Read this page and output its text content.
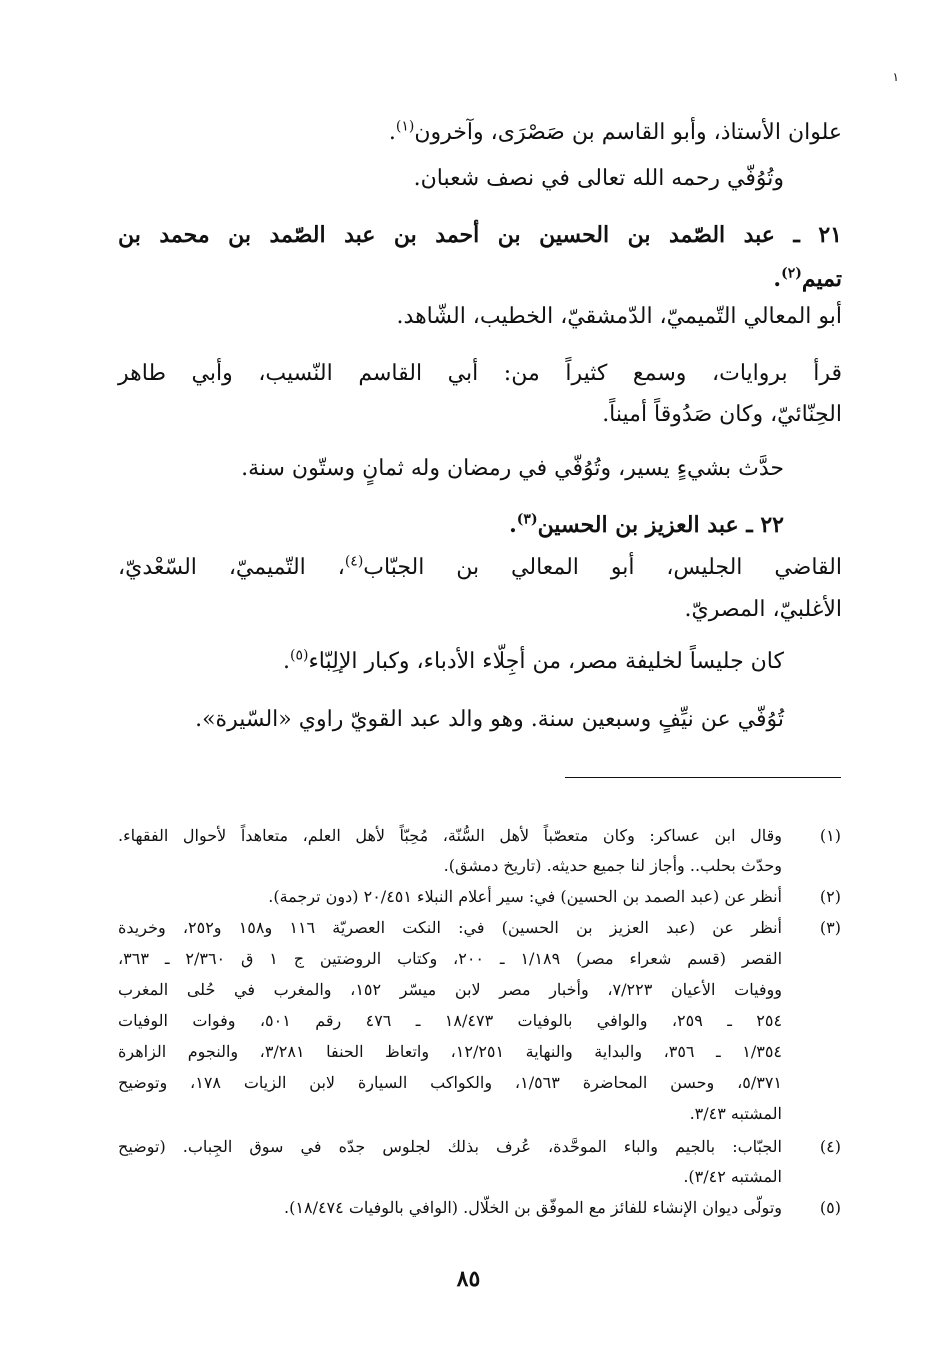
١
علوان الأستاذ، وأبو القاسم بن صَصْرَى، وآخرون$^{(١)}$.
وتُوُفّي رحمه الله تعالى في نصف شعبان.
٢١ ـ عبد الصّمد بن الحسين بن أحمد بن عبد الصّمد بن محمد بن
تميم$^{(٢)}$.
أبو المعالي التّميميّ، الدّمشقيّ، الخطيب، الشّاهد.
قرأ بروايات، وسمع كثيراً من: أبي القاسم النّسيب، وأبي طاهر
الحِنّائيّ، وكان صَدُوقاً أميناً.
حدَّث بشيءٍ يسير، وتُوُفّي في رمضان وله ثمانٍ وستّون سنة.
٢٢ ـ عبد العزيز بن الحسين$^{(٣)}$.
القاضي الجليس، أبو المعالي بن الجبّاب$^{(٤)}$، التّميميّ، السّعْديّ،
الأغلبيّ، المصريّ.
كان جليساً لخليفة مصر، من أجِلّاء الأدباء، وكبار الإلِبّاء$^{(٥)}$.
تُوُفّي عن نيِّفٍ وسبعين سنة. وهو والد عبد القويّ راوي «السّيرة».
(١)
وقال ابن عساكر: وكان متعصّباً لأهل السُّنّة، مُحِبّاً لأهل العلم، متعاهداً لأحوال الفقهاء.
وحدّث بحلب.. وأجاز لنا جميع حديثه. (تاريخ دمشق).
(٢)
أنظر عن (عبد الصمد بن الحسين) في: سير أعلام النبلاء ٢٠/٤٥١ (دون ترجمة).
(٣)
أنظر عن (عبد العزيز بن الحسين) في: النكت العصريّة ١١٦ و١٥٨ و٢٥٢، وخريدة
القصر (قسم شعراء مصر) ١/١٨٩ ـ ٢٠٠، وكتاب الروضتين ج ١ ق ٢/٣٦٠ ـ ٣٦٣،
ووفيات الأعيان ٧/٢٢٣، وأخبار مصر لابن ميسّر ١٥٢، والمغرب في حُلى المغرب
٢٥٤ ـ ٢٥٩، والوافي بالوفيات ١٨/٤٧٣ ـ ٤٧٦ رقم ٥٠١، وفوات الوفيات
١/٣٥٤ ـ ٣٥٦، والبداية والنهاية ١٢/٢٥١، واتعاظ الحنفا ٣/٢٨١، والنجوم الزاهرة
٥/٣٧١، وحسن المحاضرة ١/٥٦٣، والكواكب السيارة لابن الزيات ١٧٨، وتوضيح
المشتبه ٣/٤٣.
(٤)
الجبّاب: بالجيم والباء الموحَّدة، عُرف بذلك لجلوس جدّه في سوق الجِباب. (توضيح
المشتبه ٣/٤٢).
(٥)
وتولّى ديوان الإنشاء للفائز مع الموفّق بن الخلّال. (الوافي بالوفيات ١٨/٤٧٤).
٨٥
